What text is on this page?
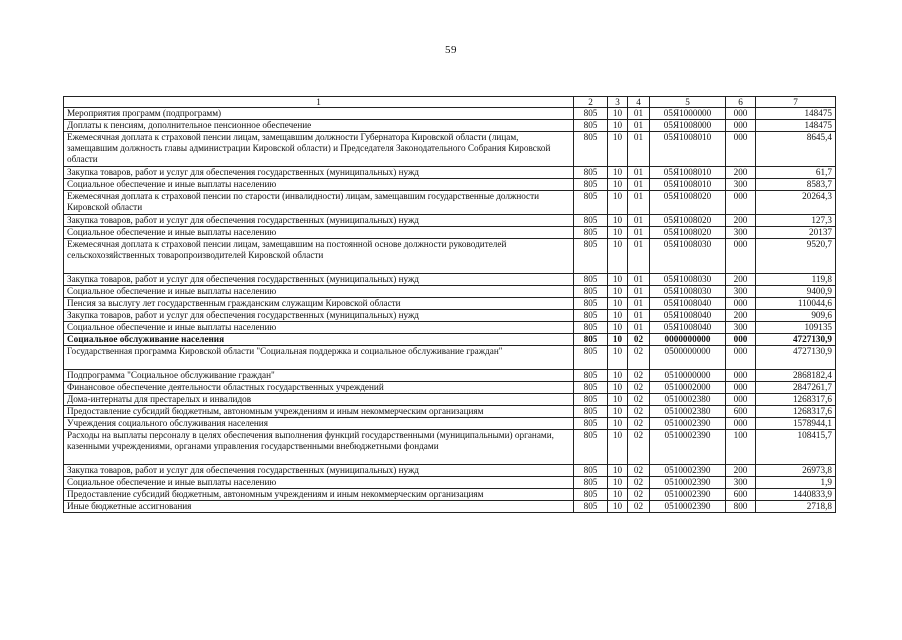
59
1	2	3	4	5	6	7
Мероприятия программ (подпрограмм)	805	10	01	05Я1000000	000	148475
Доплаты к пенсиям, дополнительное пенсионное обеспечение	805	10	01	05Я1008000	000	148475
Ежемесячная доплата к страховой пенсии лицам, замещавшим должности Губернатора Кировской области (лицам, замещавшим должность главы администрации Кировской области) и Председателя Законодательного Собрания Кировской области	805	10	01	05Я1008010	000	8645,4
Закупка товаров, работ и услуг для обеспечения государственных (муниципальных) нужд	805	10	01	05Я1008010	200	61,7
Социальное обеспечение и иные выплаты населению	805	10	01	05Я1008010	300	8583,7
Ежемесячная доплата к страховой пенсии по старости (инвалидности) лицам, замещавшим государственные должности Кировской области	805	10	01	05Я1008020	000	20264,3
Закупка товаров, работ и услуг для обеспечения государственных (муниципальных) нужд	805	10	01	05Я1008020	200	127,3
Социальное обеспечение и иные выплаты населению	805	10	01	05Я1008020	300	20137
Ежемесячная доплата к страховой пенсии лицам, замещавшим на постоянной основе должности руководителей сельскохозяйственных товаропроизводителей Кировской области	805	10	01	05Я1008030	000	9520,7
Закупка товаров, работ и услуг для обеспечения государственных (муниципальных) нужд	805	10	01	05Я1008030	200	119,8
Социальное обеспечение и иные выплаты населению	805	10	01	05Я1008030	300	9400,9
Пенсия за выслугу лет государственным гражданским служащим Кировской области	805	10	01	05Я1008040	000	110044,6
Закупка товаров, работ и услуг для обеспечения государственных (муниципальных) нужд	805	10	01	05Я1008040	200	909,6
Социальное обеспечение и иные выплаты населению	805	10	01	05Я1008040	300	109135
Социальное обслуживание населения	805	10	02	0000000000	000	4727130,9
Государственная программа Кировской области "Социальная поддержка и социальное обслуживание граждан"	805	10	02	0500000000	000	4727130,9
Подпрограмма "Социальное обслуживание граждан"	805	10	02	0510000000	000	2868182,4
Финансовое обеспечение деятельности областных государственных учреждений	805	10	02	0510002000	000	2847261,7
Дома-интернаты для престарелых и инвалидов	805	10	02	0510002380	000	1268317,6
Предоставление субсидий бюджетным, автономным учреждениям и иным некоммерческим организациям	805	10	02	0510002380	600	1268317,6
Учреждения социального обслуживания населения	805	10	02	0510002390	000	1578944,1
Расходы на выплаты персоналу в целях обеспечения выполнения функций государственными (муниципальными) органами, казенными учреждениями, органами управления государственными внебюджетными фондами	805	10	02	0510002390	100	108415,7
Закупка товаров, работ и услуг для обеспечения государственных (муниципальных) нужд	805	10	02	0510002390	200	26973,8
Социальное обеспечение и иные выплаты населению	805	10	02	0510002390	300	1,9
Предоставление субсидий бюджетным, автономным учреждениям и иным некоммерческим организациям	805	10	02	0510002390	600	1440833,9
Иные бюджетные ассигнования	805	10	02	0510002390	800	2718,8
